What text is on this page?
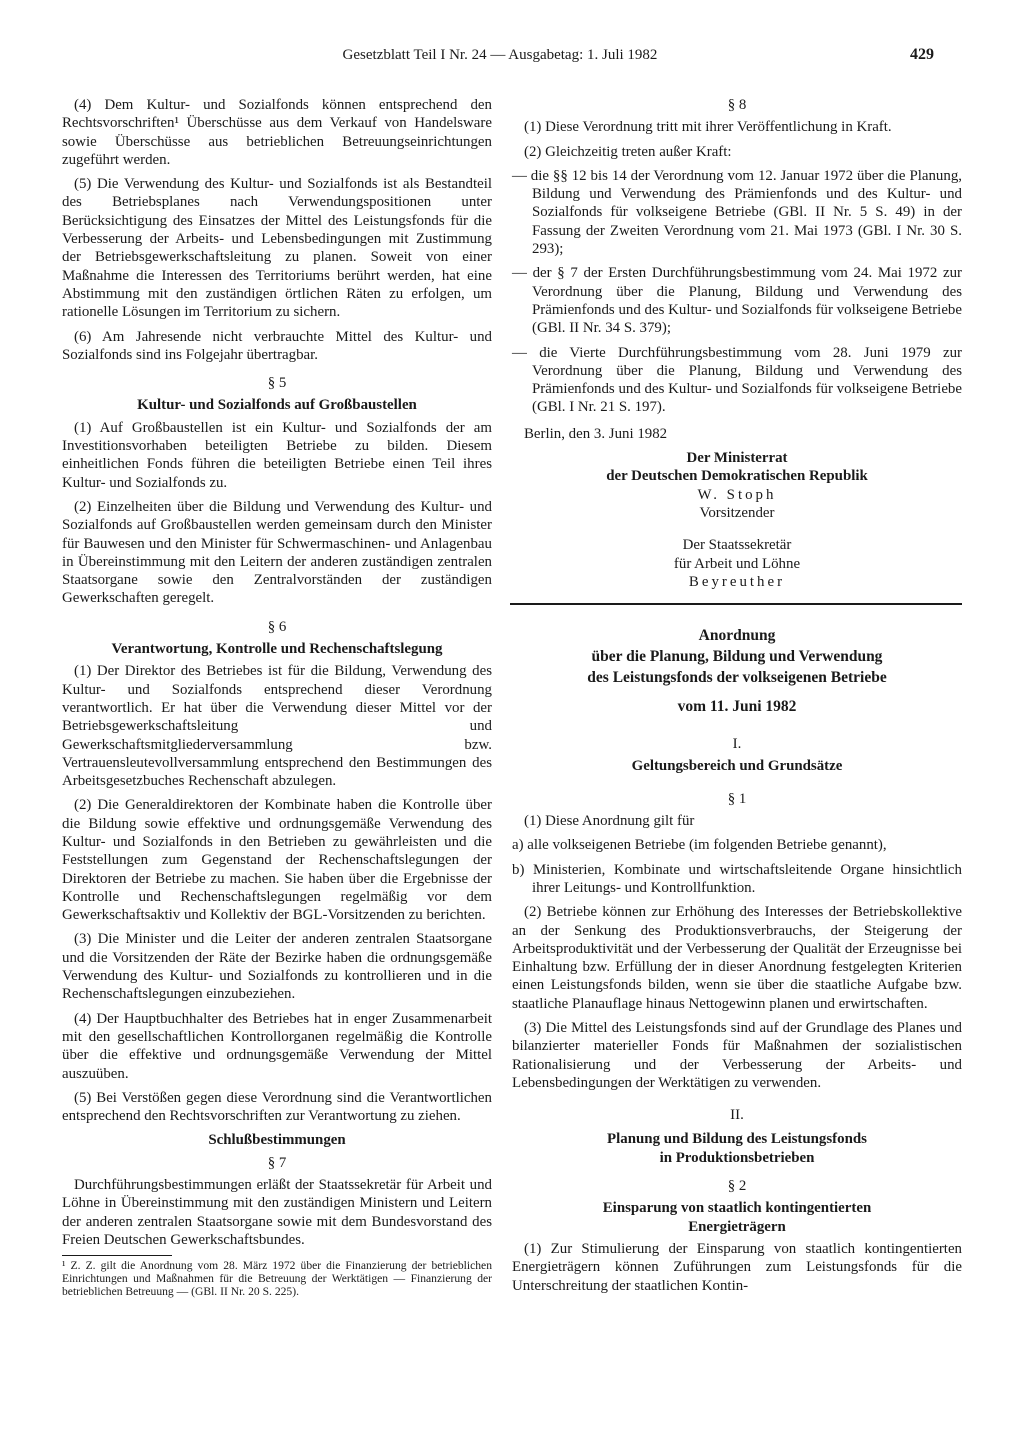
Gesetzblatt Teil I Nr. 24 — Ausgabetag: 1. Juli 1982	429

(4) Dem Kultur- und Sozialfonds können entsprechend den Rechtsvorschriften¹ Überschüsse aus dem Verkauf von Handelsware sowie Überschüsse aus betrieblichen Betreuungseinrichtungen zugeführt werden.

(5) Die Verwendung des Kultur- und Sozialfonds ist als Bestandteil des Betriebsplanes nach Verwendungspositionen unter Berücksichtigung des Einsatzes der Mittel des Leistungsfonds für die Verbesserung der Arbeits- und Lebensbedingungen mit Zustimmung der Betriebsgewerkschaftsleitung zu planen. Soweit von einer Maßnahme die Interessen des Territoriums berührt werden, hat eine Abstimmung mit den zuständigen örtlichen Räten zu erfolgen, um rationelle Lösungen im Territorium zu sichern.

(6) Am Jahresende nicht verbrauchte Mittel des Kultur- und Sozialfonds sind ins Folgejahr übertragbar.

§ 5
Kultur- und Sozialfonds auf Großbaustellen

(1) Auf Großbaustellen ist ein Kultur- und Sozialfonds der am Investitionsvorhaben beteiligten Betriebe zu bilden. Diesem einheitlichen Fonds führen die beteiligten Betriebe einen Teil ihres Kultur- und Sozialfonds zu.

(2) Einzelheiten über die Bildung und Verwendung des Kultur- und Sozialfonds auf Großbaustellen werden gemeinsam durch den Minister für Bauwesen und den Minister für Schwermaschinen- und Anlagenbau in Übereinstimmung mit den Leitern der anderen zuständigen zentralen Staatsorgane sowie den Zentralvorständen der zuständigen Gewerkschaften geregelt.

§ 6
Verantwortung, Kontrolle und Rechenschaftslegung

(1) Der Direktor des Betriebes ist für die Bildung, Verwendung des Kultur- und Sozialfonds entsprechend dieser Verordnung verantwortlich. Er hat über die Verwendung dieser Mittel vor der Betriebsgewerkschaftsleitung und Gewerkschaftsmitgliederversammlung bzw. Vertrauensleutevollversammlung entsprechend den Bestimmungen des Arbeitsgesetzbuches Rechenschaft abzulegen.

(2) Die Generaldirektoren der Kombinate haben die Kontrolle über die Bildung sowie effektive und ordnungsgemäße Verwendung des Kultur- und Sozialfonds in den Betrieben zu gewährleisten und die Feststellungen zum Gegenstand der Rechenschaftslegungen der Direktoren der Betriebe zu machen. Sie haben über die Ergebnisse der Kontrolle und Rechenschaftslegungen regelmäßig vor dem Gewerkschaftsaktiv und Kollektiv der BGL-Vorsitzenden zu berichten.

(3) Die Minister und die Leiter der anderen zentralen Staatsorgane und die Vorsitzenden der Räte der Bezirke haben die ordnungsgemäße Verwendung des Kultur- und Sozialfonds zu kontrollieren und in die Rechenschaftslegungen einzubeziehen.

(4) Der Hauptbuchhalter des Betriebes hat in enger Zusammenarbeit mit den gesellschaftlichen Kontrollorganen regelmäßig die Kontrolle über die effektive und ordnungsgemäße Verwendung der Mittel auszuüben.

(5) Bei Verstößen gegen diese Verordnung sind die Verantwortlichen entsprechend den Rechtsvorschriften zur Verantwortung zu ziehen.

Schlußbestimmungen
§ 7

Durchführungsbestimmungen erläßt der Staatssekretär für Arbeit und Löhne in Übereinstimmung mit den zuständigen Ministern und Leitern der anderen zentralen Staatsorgane sowie mit dem Bundesvorstand des Freien Deutschen Gewerkschaftsbundes.

¹ Z. Z. gilt die Anordnung vom 28. März 1972 über die Finanzierung der betrieblichen Einrichtungen und Maßnahmen für die Betreuung der Werktätigen — Finanzierung der betrieblichen Betreuung — (GBl. II Nr. 20 S. 225).

§ 8

(1) Diese Verordnung tritt mit ihrer Veröffentlichung in Kraft.

(2) Gleichzeitig treten außer Kraft:

— die §§ 12 bis 14 der Verordnung vom 12. Januar 1972 über die Planung, Bildung und Verwendung des Prämienfonds und des Kultur- und Sozialfonds für volkseigene Betriebe (GBl. II Nr. 5 S. 49) in der Fassung der Zweiten Verordnung vom 21. Mai 1973 (GBl. I Nr. 30 S. 293);

— der § 7 der Ersten Durchführungsbestimmung vom 24. Mai 1972 zur Verordnung über die Planung, Bildung und Verwendung des Prämienfonds und des Kultur- und Sozialfonds für volkseigene Betriebe (GBl. II Nr. 34 S. 379);

— die Vierte Durchführungsbestimmung vom 28. Juni 1979 zur Verordnung über die Planung, Bildung und Verwendung des Prämienfonds und des Kultur- und Sozialfonds für volkseigene Betriebe (GBl. I Nr. 21 S. 197).

Berlin, den 3. Juni 1982

Der Ministerrat
der Deutschen Demokratischen Republik
W. Stoph
Vorsitzender
Der Staatssekretär
für Arbeit und Löhne
Beyreuther
Anordnung
über die Planung, Bildung und Verwendung
des Leistungsfonds der volkseigenen Betriebe
vom 11. Juni 1982
I.
Geltungsbereich und Grundsätze
§ 1

(1) Diese Anordnung gilt für

a) alle volkseigenen Betriebe (im folgenden Betriebe genannt),

b) Ministerien, Kombinate und wirtschaftsleitende Organe hinsichtlich ihrer Leitungs- und Kontrollfunktion.

(2) Betriebe können zur Erhöhung des Interesses der Betriebskollektive an der Senkung des Produktionsverbrauchs, der Steigerung der Arbeitsproduktivität und der Verbesserung der Qualität der Erzeugnisse bei Einhaltung bzw. Erfüllung der in dieser Anordnung festgelegten Kriterien einen Leistungsfonds bilden, wenn sie über die staatliche Aufgabe bzw. staatliche Planauflage hinaus Nettogewinn planen und erwirtschaften.

(3) Die Mittel des Leistungsfonds sind auf der Grundlage des Planes und bilanzierter materieller Fonds für Maßnahmen der sozialistischen Rationalisierung und der Verbesserung der Arbeits- und Lebensbedingungen der Werktätigen zu verwenden.

II.
Planung und Bildung des Leistungsfonds
in Produktionsbetrieben
§ 2
Einsparung von staatlich kontingentierten
Energieträgern

(1) Zur Stimulierung der Einsparung von staatlich kontingentierten Energieträgern können Zuführungen zum Leistungsfonds für die Unterschreitung der staatlichen Kontin-
